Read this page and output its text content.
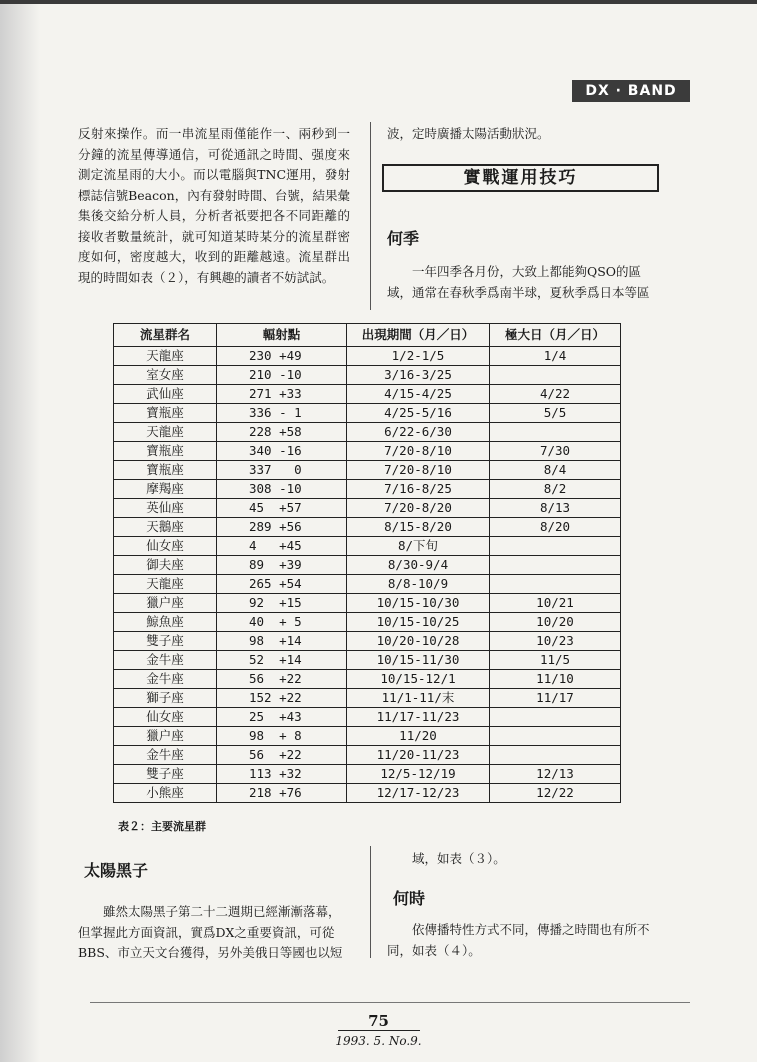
DX · BAND
反射來操作。而一串流星雨僅能作一、兩秒到一分鐘的流星傳導通信，可從通訊之時間、强度來測定流星雨的大小。而以電腦與TNC運用，發射標誌信號Beacon，內有發射時間、台號，結果彙集後交給分析人員，分析者祇要把各不同距離的接收者數量統計，就可知道某時某分的流星群密度如何，密度越大，收到的距離越遠。流星群出現的時間如表（２），有興趣的讀者不妨試試。
波，定時廣播太陽活動狀況。
實戰運用技巧
何季
一年四季各月份，大致上都能夠QSO的區域，通常在春秋季爲南半球，夏秋季爲日本等區
流星群名	輻射點	出現期間（月／日）	極大日（月／日）
天龍座	230 +49	1/2-1/5	1/4
室女座	210 -10	3/16-3/25	
武仙座	271 +33	4/15-4/25	4/22
寶瓶座	336 - 1	4/25-5/16	5/5
天龍座	228 +58	6/22-6/30	
寶瓶座	340 -16	7/20-8/10	7/30
寶瓶座	337   0	7/20-8/10	8/4
摩羯座	308 -10	7/16-8/25	8/2
英仙座	45  +57	7/20-8/20	8/13
天鵝座	289 +56	8/15-8/20	8/20
仙女座	4   +45	8/下旬	
御夫座	89  +39	8/30-9/4	
天龍座	265 +54	8/8-10/9	
獵户座	92  +15	10/15-10/30	10/21
鯨魚座	40  + 5	10/15-10/25	10/20
雙子座	98  +14	10/20-10/28	10/23
金牛座	52  +14	10/15-11/30	11/5
金牛座	56  +22	10/15-12/1	11/10
獅子座	152 +22	11/1-11/末	11/17
仙女座	25  +43	11/17-11/23	
獵户座	98  + 8	11/20	
金牛座	56  +22	11/20-11/23	
雙子座	113 +32	12/5-12/19	12/13
小熊座	218 +76	12/17-12/23	12/22
表２：主要流星群
太陽黑子
雖然太陽黑子第二十二週期已經漸漸落幕，但掌握此方面資訊，實爲DX之重要資訊，可從BBS、市立天文台獲得，另外美俄日等國也以短
域，如表（３）。
何時
依傳播特性方式不同，傳播之時間也有所不同，如表（４）。
75
1993. 5. No.9.
